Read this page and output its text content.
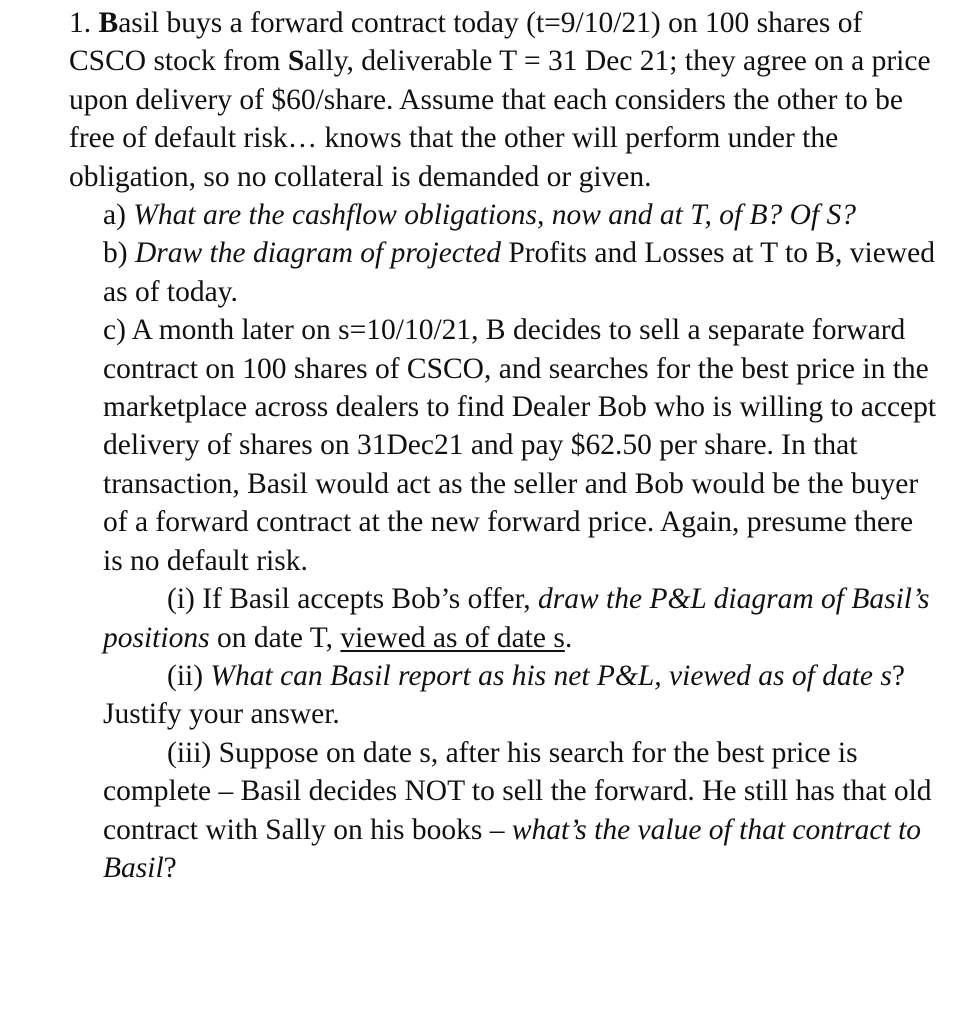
1. Basil buys a forward contract today (t=9/10/21) on 100 shares of CSCO stock from Sally, deliverable T = 31 Dec 21; they agree on a price upon delivery of $60/share. Assume that each considers the other to be free of default risk… knows that the other will perform under the obligation, so no collateral is demanded or given.

a) What are the cashflow obligations, now and at T, of B? Of S?

b) Draw the diagram of projected Profits and Losses at T to B, viewed as of today.

c) A month later on s=10/10/21, B decides to sell a separate forward contract on 100 shares of CSCO, and searches for the best price in the marketplace across dealers to find Dealer Bob who is willing to accept delivery of shares on 31Dec21 and pay $62.50 per share. In that transaction, Basil would act as the seller and Bob would be the buyer of a forward contract at the new forward price. Again, presume there is no default risk.

(i) If Basil accepts Bob’s offer, draw the P&L diagram of Basil’s positions on date T, viewed as of date s.

(ii) What can Basil report as his net P&L, viewed as of date s? Justify your answer.

(iii) Suppose on date s, after his search for the best price is complete – Basil decides NOT to sell the forward. He still has that old contract with Sally on his books – what’s the value of that contract to Basil?
